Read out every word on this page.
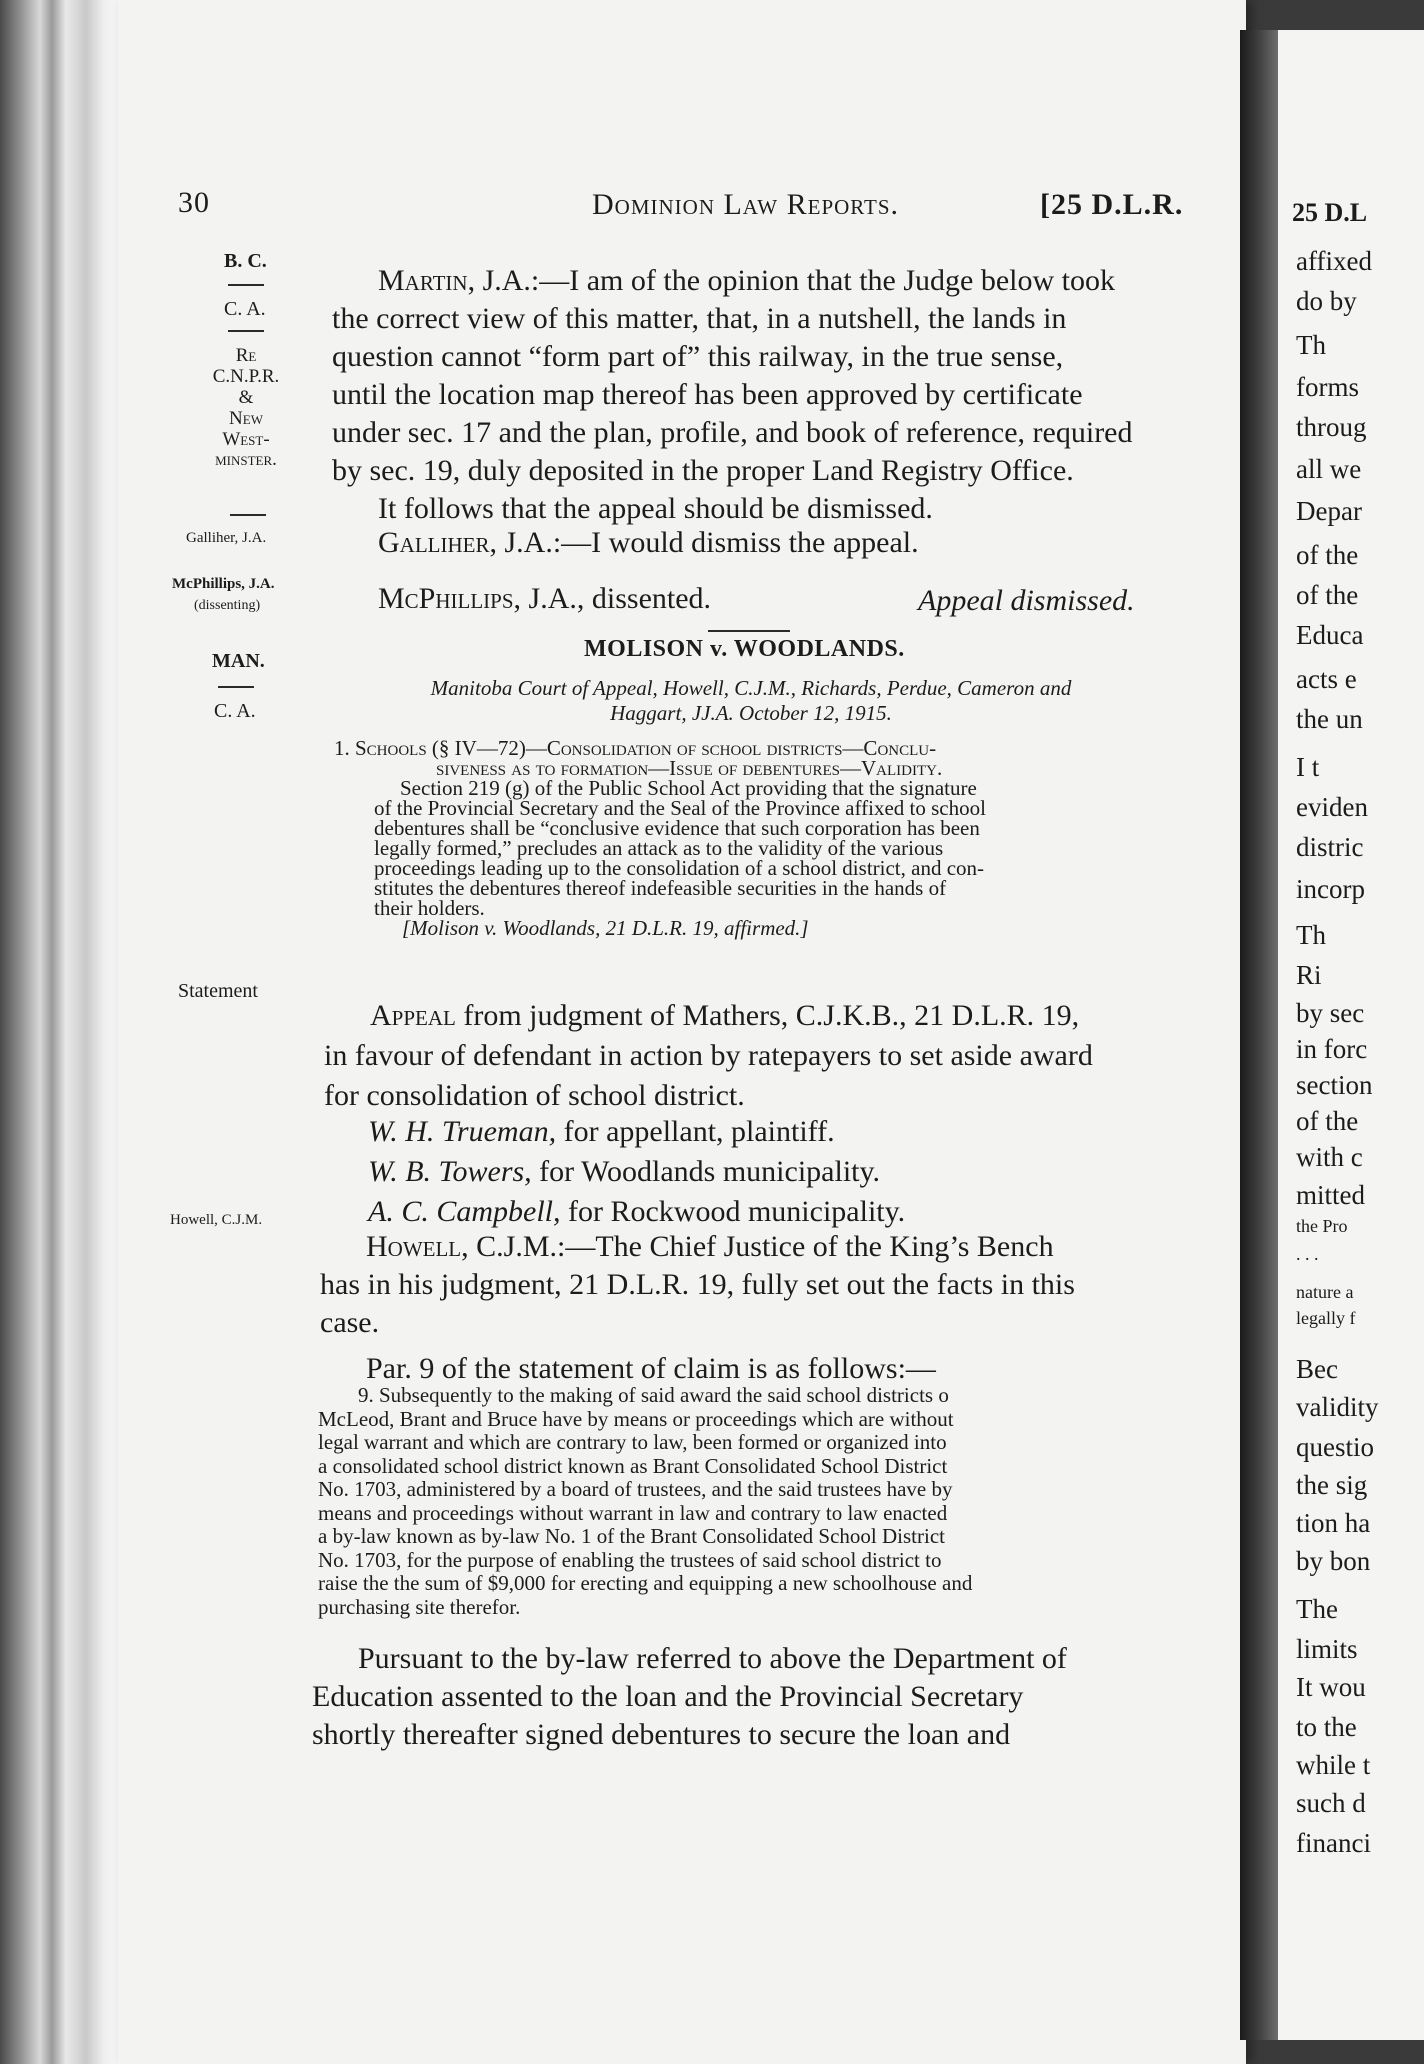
25 D.L
affixed
do by
Th
forms
throug
all we
Depar
of the
of the
Educa
acts e
the un
I t
eviden
distric
incorp
Th
Ri
by sec
in forc
section
of the
with c
mitted
the Pro
. . .
nature a
legally f
Bec
validity
questio
the sig
tion ha
by bon
The
limits
It wou
to the
while t
such d
financi
30	Dominion Law Reports.	[25 D.L.R.
B. C.
C. A.
Re
C.N.P.R.
&
New
West-
minster.
Galliher, J.A.
McPhillips, J.A.
(dissenting)
MAN.
C. A.
Statement
Howell, C.J.M.
Martin, J.A.:—I am of the opinion that the Judge below took
the correct view of this matter, that, in a nutshell, the lands in
question cannot “form part of” this railway, in the true sense,
until the location map thereof has been approved by certificate
under sec. 17 and the plan, profile, and book of reference, required
by sec. 19, duly deposited in the proper Land Registry Office.
It follows that the appeal should be dismissed.
Galliher, J.A.:—I would dismiss the appeal.
McPhillips, J.A., dissented.	Appeal dismissed.
MOLISON v. WOODLANDS.
Manitoba Court of Appeal, Howell, C.J.M., Richards, Perdue, Cameron and
Haggart, JJ.A. October 12, 1915.
1. Schools (§ IV—72)—Consolidation of school districts—Conclu-
siveness as to formation—Issue of debentures—Validity.
Section 219 (g) of the Public School Act providing that the signature
of the Provincial Secretary and the Seal of the Province affixed to school
debentures shall be “conclusive evidence that such corporation has been
legally formed,” precludes an attack as to the validity of the various
proceedings leading up to the consolidation of a school district, and con-
stitutes the debentures thereof indefeasible securities in the hands of
their holders.
[Molison v. Woodlands, 21 D.L.R. 19, affirmed.]
Appeal from judgment of Mathers, C.J.K.B., 21 D.L.R. 19,
in favour of defendant in action by ratepayers to set aside award
for consolidation of school district.
W. H. Trueman, for appellant, plaintiff.
W. B. Towers, for Woodlands municipality.
A. C. Campbell, for Rockwood municipality.
Howell, C.J.M.:—The Chief Justice of the King’s Bench
has in his judgment, 21 D.L.R. 19, fully set out the facts in this
case.
Par. 9 of the statement of claim is as follows:—
9. Subsequently to the making of said award the said school districts o
McLeod, Brant and Bruce have by means or proceedings which are without
legal warrant and which are contrary to law, been formed or organized into
a consolidated school district known as Brant Consolidated School District
No. 1703, administered by a board of trustees, and the said trustees have by
means and proceedings without warrant in law and contrary to law enacted
a by-law known as by-law No. 1 of the Brant Consolidated School District
No. 1703, for the purpose of enabling the trustees of said school district to
raise the the sum of $9,000 for erecting and equipping a new schoolhouse and
purchasing site therefor.
Pursuant to the by-law referred to above the Department of
Education assented to the loan and the Provincial Secretary
shortly thereafter signed debentures to secure the loan and
